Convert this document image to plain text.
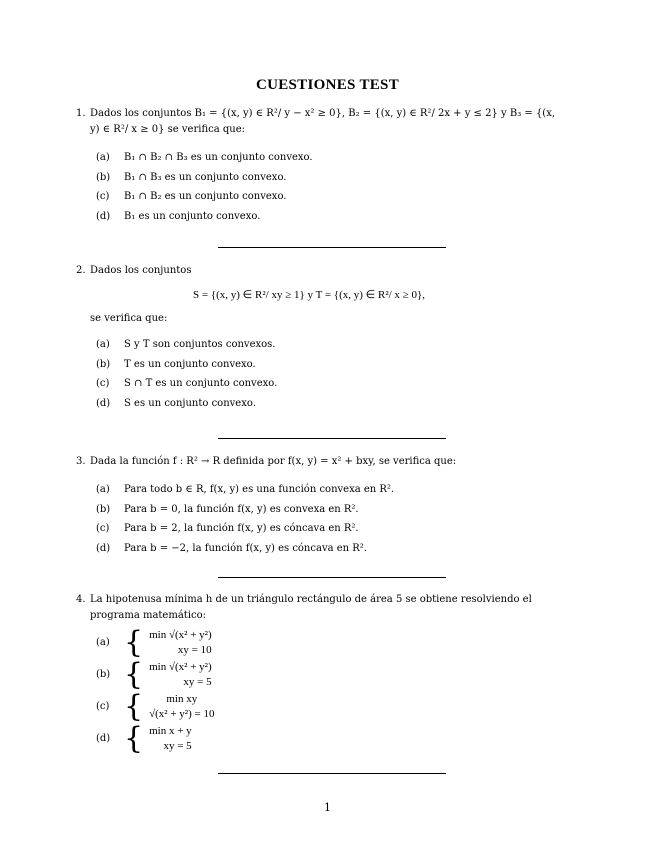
CUESTIONES TEST
1. Dados los conjuntos B₁ = {(x, y) ∈ R²/ y − x² ≥ 0}, B₂ = {(x, y) ∈ R²/ 2x + y ≤ 2} y B₃ = {(x, y) ∈ R²/ x ≥ 0} se verifica que:
(a)	B₁ ∩ B₂ ∩ B₃ es un conjunto convexo.
(b)	B₁ ∩ B₃ es un conjunto convexo.
(c)	B₁ ∩ B₂ es un conjunto convexo.
(d)	B₁ es un conjunto convexo.
2. Dados los conjuntos
S = {(x, y) ∈ R²/ xy ≥ 1} y T = {(x, y) ∈ R²/ x ≥ 0},
se verifica que:
(a)	S y T son conjuntos convexos.
(b)	T es un conjunto convexo.
(c)	S ∩ T es un conjunto convexo.
(d)	S es un conjunto convexo.
3. Dada la función f : R² → R definida por f(x, y) = x² + bxy, se verifica que:
(a)	Para todo b ∈ R, f(x, y) es una función convexa en R².
(b)	Para b = 0, la función f(x, y) es convexa en R².
(c)	Para b = 2, la función f(x, y) es cóncava en R².
(d)	Para b = −2, la función f(x, y) es cóncava en R².
4. La hipotenusa mínima h de un triángulo rectángulo de área 5 se obtiene resolviendo el programa matemático:
(a) { min √(x² + y²)
xy = 10
(b) { min √(x² + y²)
xy = 5
(c) {	min xy
√(x² + y²) = 10
(d) { min x + y
xy = 5
1
